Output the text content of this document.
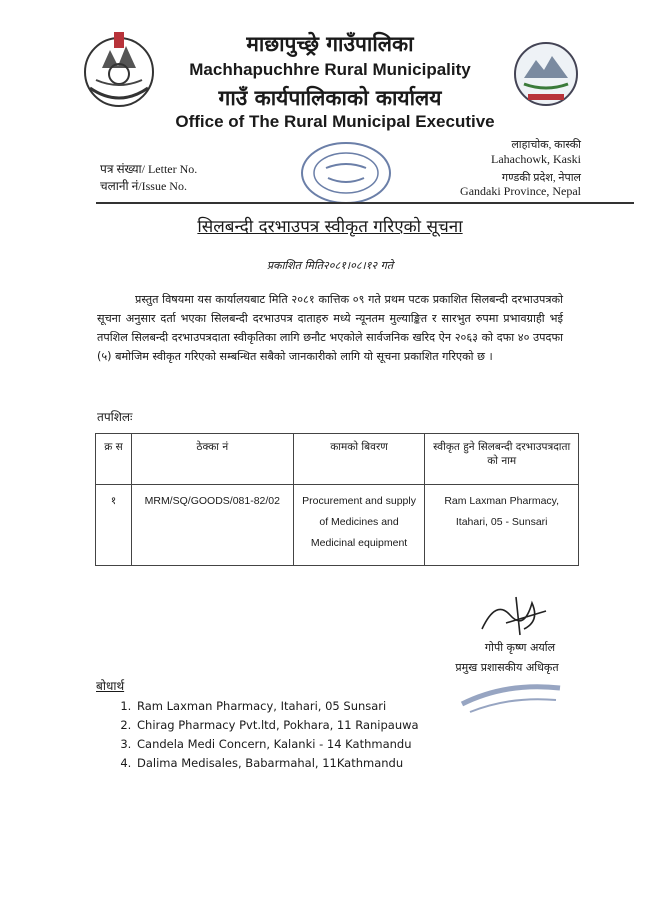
माछापुच्छ्रे गाउँपालिका
Machhapuchhre Rural Municipality
गाउँ कार्यपालिकाको कार्यालय
Office of The Rural Municipal Executive
लाहाचोक, कास्की
Lahachowk, Kaski
गण्डकी प्रदेश, नेपाल
Gandaki Province, Nepal
पत्र संख्या/ Letter No.
चलानी नं/Issue No.
सिलबन्दी दरभाउपत्र स्वीकृत गरिएको सूचना
प्रकाशित मिति२०८१।०८।१२ गते
प्रस्तुत विषयमा यस कार्यालयबाट मिति २०८१ कात्तिक ०९ गते प्रथम पटक प्रकाशित सिलबन्दी दरभाउपत्रको सूचना अनुसार दर्ता भएका सिलबन्दी दरभाउपत्र दाताहरु मध्ये न्यूनतम मुल्याङ्कित र सारभुत रुपमा प्रभावग्राही भई तपशिल सिलबन्दी दरभाउपत्रदाता स्वीकृतिका लागि छनौट भएकोले सार्वजनिक खरिद ऐन २०६३ को दफा ४० उपदफा (५) बमोजिम स्वीकृत गरिएको सम्बन्धित सबैको जानकारीको लागि यो सूचना प्रकाशित गरिएको छ ।
तपशिलः
क्र स	ठेक्का नं	कामको बिवरण	स्वीकृत हुने सिलबन्दी दरभाउपत्रदाता को नाम
१	MRM/SQ/GOODS/081-82/02	Procurement and supply of Medicines and Medicinal equipment	Ram Laxman Pharmacy, Itahari, 05 - Sunsari
गोपी कृष्ण अर्याल
प्रमुख प्रशासकीय अधिकृत
बोधार्थ
1. Ram Laxman Pharmacy, Itahari, 05 Sunsari
2. Chirag Pharmacy Pvt.ltd, Pokhara, 11 Ranipauwa
3. Candela Medi Concern, Kalanki - 14 Kathmandu
4. Dalima Medisales, Babarmahal, 11Kathmandu
